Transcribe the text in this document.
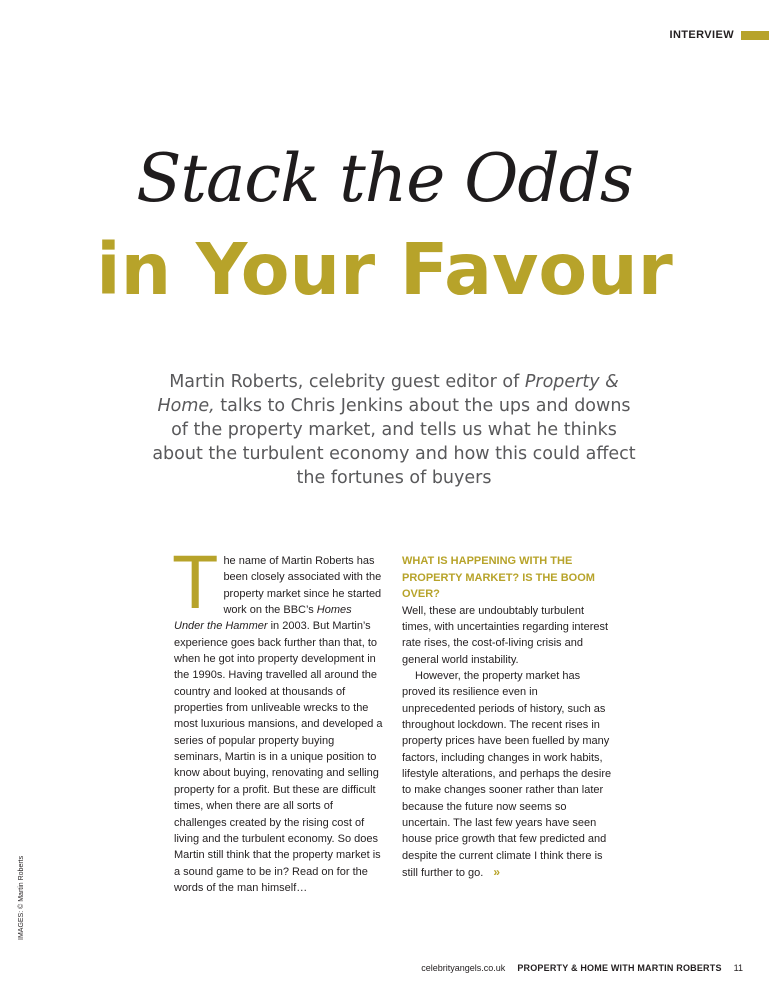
INTERVIEW
Stack the Odds
in Your Favour
Martin Roberts, celebrity guest editor of Property & Home, talks to Chris Jenkins about the ups and downs of the property market, and tells us what he thinks about the turbulent economy and how this could affect the fortunes of buyers

The name of Martin Roberts has been closely associated with the property market since he started work on the BBC’s Homes Under the Hammer in 2003. But Martin’s experience goes back further than that, to when he got into property development in the 1990s. Having travelled all around the country and looked at thousands of properties from unliveable wrecks to the most luxurious mansions, and developed a series of popular property buying seminars, Martin is in a unique position to know about buying, renovating and selling property for a profit. But these are difficult times, when there are all sorts of challenges created by the rising cost of living and the turbulent economy. So does Martin still think that the property market is a sound game to be in? Read on for the words of the man himself…

WHAT IS HAPPENING WITH THE PROPERTY MARKET? IS THE BOOM OVER?

Well, these are undoubtably turbulent times, with uncertainties regarding interest rate rises, the cost-of-living crisis and general world instability.

However, the property market has proved its resilience even in unprecedented periods of history, such as throughout lockdown. The recent rises in property prices have been fuelled by many factors, including changes in work habits, lifestyle alterations, and perhaps the desire to make changes sooner rather than later because the future now seems so uncertain. The last few years have seen house price growth that few predicted and despite the current climate I think there is still further to go. »

IMAGES: © Martin Roberts
celebrityangels.co.uk PROPERTY & HOME WITH MARTIN ROBERTS 11
